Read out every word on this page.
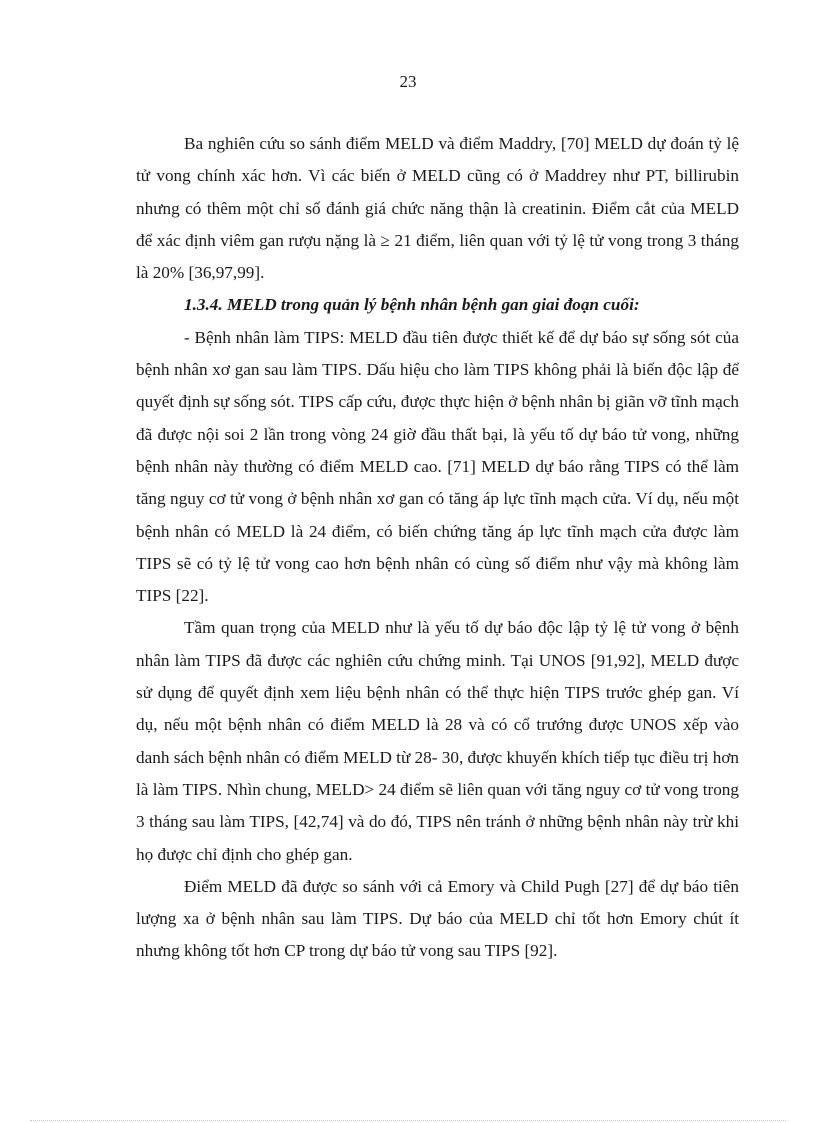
23

Ba nghiên cứu so sánh điểm MELD và điểm Maddry, [70] MELD dự đoán tỷ lệ tử vong chính xác hơn. Vì các biến ở MELD cũng có ở Maddrey như PT, billirubin nhưng có thêm một chỉ số đánh giá chức năng thận là creatinin. Điểm cắt của MELD để xác định viêm gan rượu nặng là ≥ 21 điểm, liên quan với tỷ lệ tử vong trong 3 tháng là 20% [36,97,99].

1.3.4. MELD trong quản lý bệnh nhân bệnh gan giai đoạn cuối:

- Bệnh nhân làm TIPS: MELD đầu tiên được thiết kế để dự báo sự sống sót của bệnh nhân xơ gan sau làm TIPS. Dấu hiệu cho làm TIPS không phải là biến độc lập để quyết định sự sống sót. TIPS cấp cứu, được thực hiện ở bệnh nhân bị giãn vỡ tĩnh mạch đã được nội soi 2 lần trong vòng 24 giờ đầu thất bại, là yếu tố dự báo tử vong, những bệnh nhân này thường có điểm MELD cao. [71] MELD dự báo rằng TIPS có thể làm tăng nguy cơ tử vong ở bệnh nhân xơ gan có tăng áp lực tĩnh mạch cửa. Ví dụ, nếu một bệnh nhân có MELD là 24 điểm, có biến chứng tăng áp lực tĩnh mạch cửa được làm TIPS sẽ có tỷ lệ tử vong cao hơn bệnh nhân có cùng số điểm như vậy mà không làm TIPS [22].

Tầm quan trọng của MELD như là yếu tố dự báo độc lập tỷ lệ tử vong ở bệnh nhân làm TIPS đã được các nghiên cứu chứng minh. Tại UNOS [91,92], MELD được sử dụng để quyết định xem liệu bệnh nhân có thể thực hiện TIPS trước ghép gan. Ví dụ, nếu một bệnh nhân có điểm MELD là 28 và có cổ trướng được UNOS xếp vào danh sách bệnh nhân có điểm MELD từ 28- 30, được khuyến khích tiếp tục điều trị hơn là làm TIPS. Nhìn chung, MELD> 24 điểm sẽ liên quan với tăng nguy cơ tử vong trong 3 tháng sau làm TIPS, [42,74] và do đó, TIPS nên tránh ở những bệnh nhân này trừ khi họ được chỉ định cho ghép gan.

Điểm MELD đã được so sánh với cả Emory và Child Pugh [27] để dự báo tiên lượng xa ở bệnh nhân sau làm TIPS. Dự báo của MELD chỉ tốt hơn Emory chút ít nhưng không tốt hơn CP trong dự báo tử vong sau TIPS [92].
